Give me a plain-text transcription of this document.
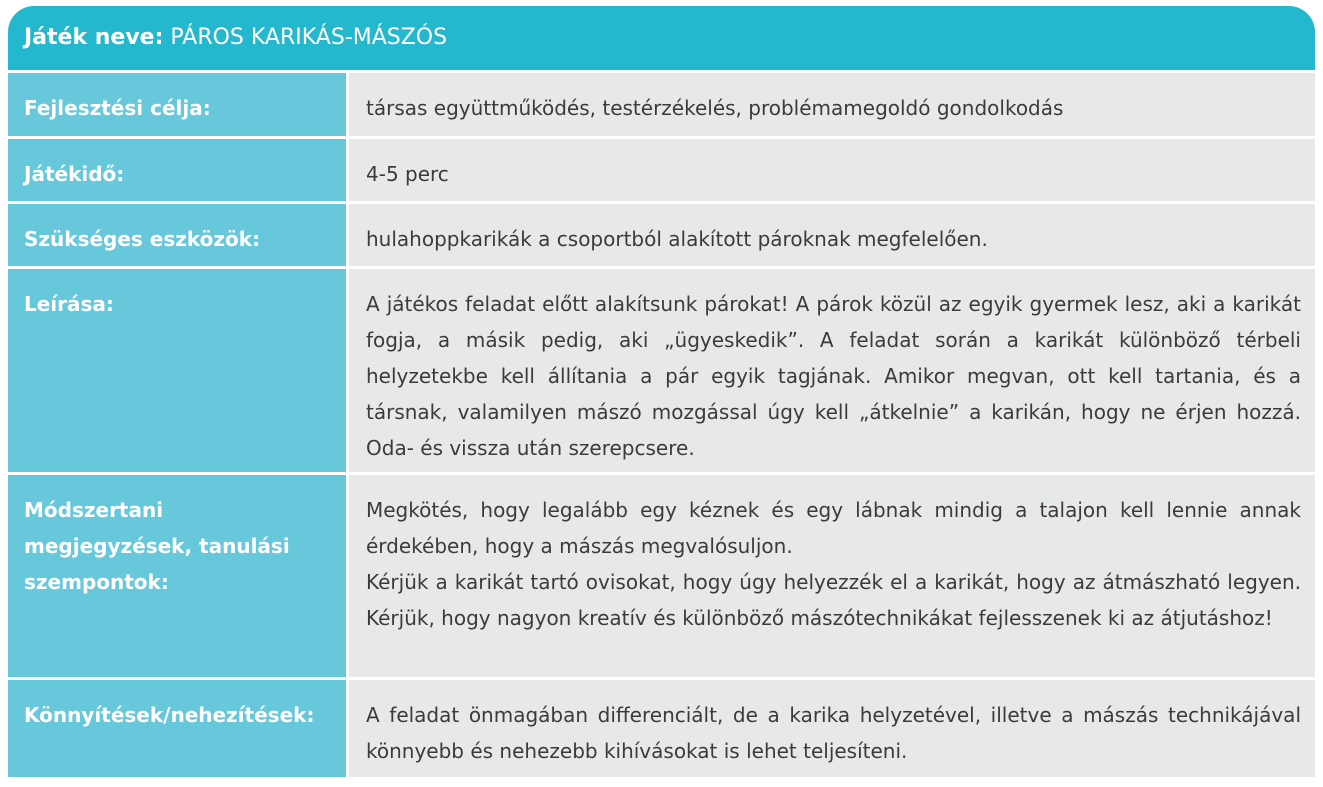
Játék neve: PÁROS KARIKÁS-MÁSZÓS
Fejlesztési célja:	társas együttműködés, testérzékelés, problémamegoldó gondolkodás
Játékidő:	4-5 perc
Szükséges eszközök:	hulahoppkarikák a csoportból alakított pároknak megfelelően.
Leírása:	A játékos feladat előtt alakítsunk párokat! A párok közül az egyik gyermek lesz, aki a karikát fogja, a másik pedig, aki „ügyeskedik”. A feladat során a karikát különböző térbeli helyzetekbe kell állítania a pár egyik tagjának. Amikor megvan, ott kell tartania, és a társnak, valamilyen mászó mozgással úgy kell „átkelnie” a karikán, hogy ne érjen hozzá. Oda- és vissza után szerepcsere.
Módszertani megjegyzések, tanulási szempontok:
Megkötés, hogy legalább egy kéznek és egy lábnak mindig a talajon kell lennie annak érdekében, hogy a mászás megvalósuljon.
Kérjük a karikát tartó ovisokat, hogy úgy helyezzék el a karikát, hogy az átmászható legyen. Kérjük, hogy nagyon kreatív és különböző mászótechnikákat fejlesszenek ki az átjutáshoz!
Könnyítések/nehezítések:	A feladat önmagában differenciált, de a karika helyzetével, illetve a mászás technikájával könnyebb és nehezebb kihívásokat is lehet teljesíteni.
